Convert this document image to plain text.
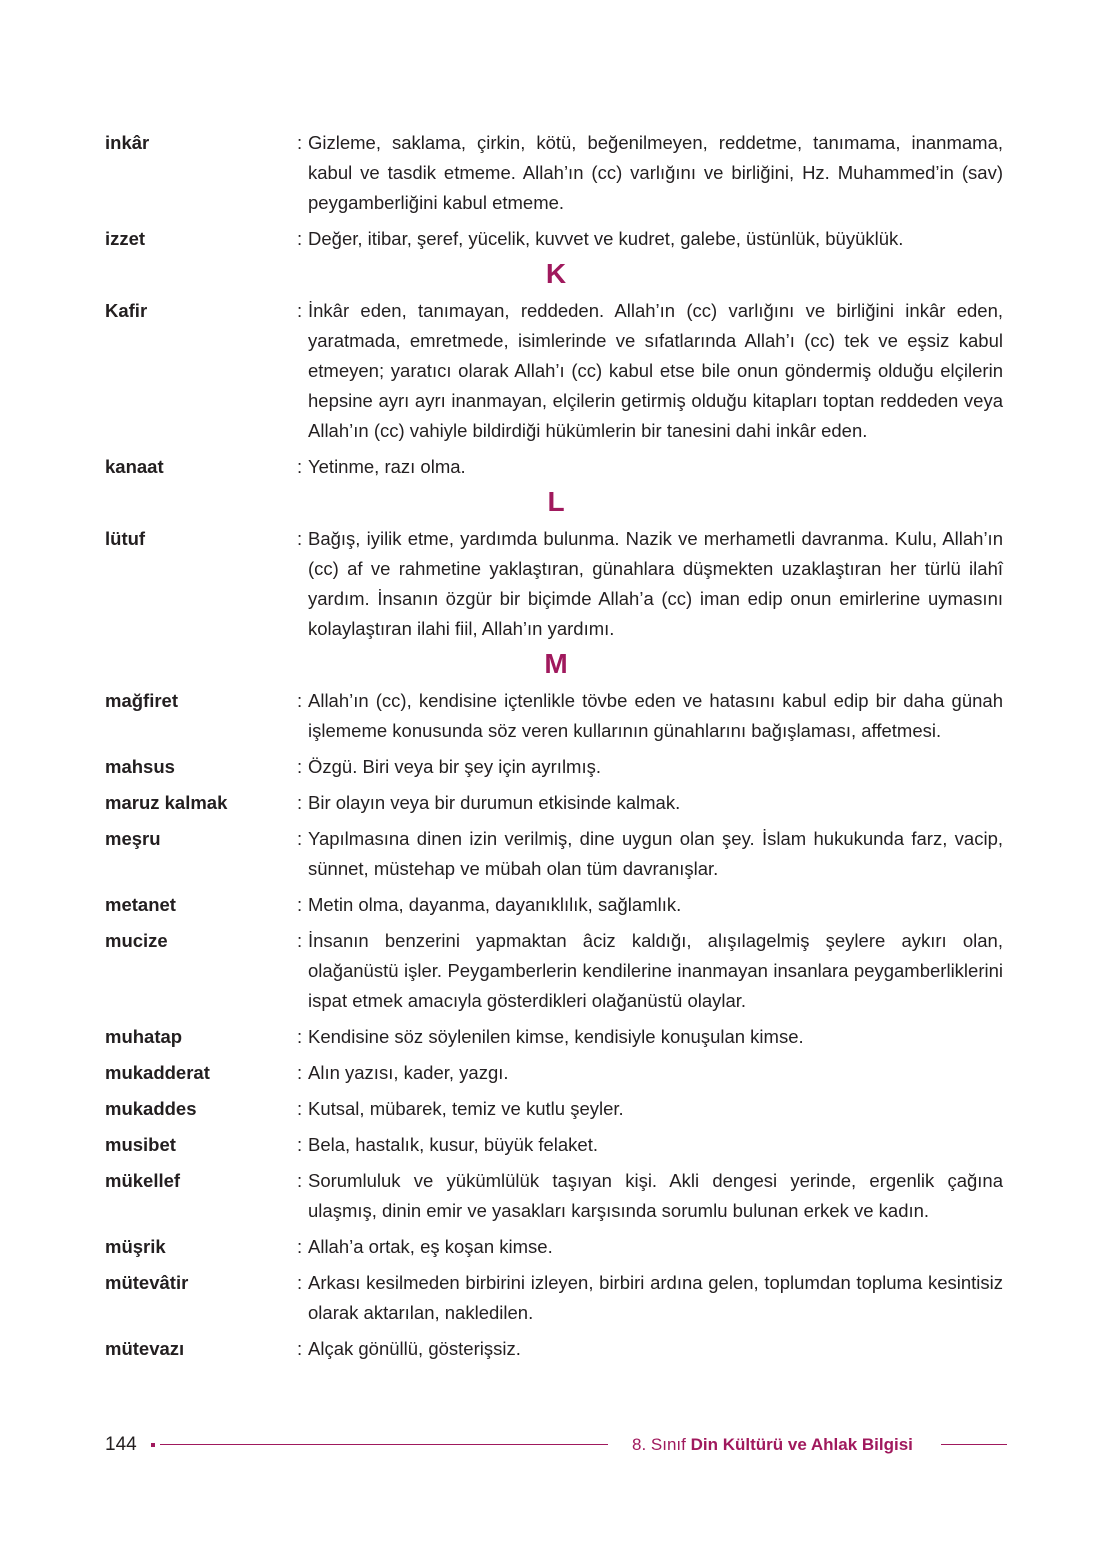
inkâr	: Gizleme, saklama, çirkin, kötü, beğenilmeyen, reddetme, tanımama, inanmama, kabul ve tasdik etmeme. Allah’ın (cc) varlığını ve birliğini, Hz. Muhammed’in (sav) peygamberliğini kabul etmeme.
izzet	: Değer, itibar, şeref, yücelik, kuvvet ve kudret, galebe, üstünlük, büyüklük.
K
Kafir	: İnkâr eden, tanımayan, reddeden. Allah’ın (cc) varlığını ve birliğini inkâr eden, yaratmada, emretmede, isimlerinde ve sıfatlarında Allah’ı (cc) tek ve eşsiz kabul etmeyen; yaratıcı olarak Allah’ı (cc) kabul etse bile onun göndermiş olduğu elçilerin hepsine ayrı ayrı inanmayan, elçilerin getirmiş olduğu kitapları toptan reddeden veya Allah’ın (cc) vahiyle bildirdiği hükümlerin bir tanesini dahi inkâr eden.
kanaat	: Yetinme, razı olma.
L
lütuf	: Bağış, iyilik etme, yardımda bulunma. Nazik ve merhametli davranma. Kulu, Allah’ın (cc) af ve rahmetine yaklaştıran, günahlara düşmekten uzaklaştıran her türlü ilahî yardım. İnsanın özgür bir biçimde Allah’a (cc) iman edip onun emirlerine uymasını kolaylaştıran ilahi fiil, Allah’ın yardımı.
M
mağfiret	: Allah’ın (cc), kendisine içtenlikle tövbe eden ve hatasını kabul edip bir daha günah işlememe konusunda söz veren kullarının günahlarını bağışlaması, affetmesi.
mahsus	: Özgü. Biri veya bir şey için ayrılmış.
maruz kalmak	: Bir olayın veya bir durumun etkisinde kalmak.
meşru	: Yapılmasına dinen izin verilmiş, dine uygun olan şey. İslam hukukunda farz, vacip, sünnet, müstehap ve mübah olan tüm davranışlar.
metanet	: Metin olma, dayanma, dayanıklılık, sağlamlık.
mucize	: İnsanın benzerini yapmaktan âciz kaldığı, alışılagelmiş şeylere aykırı olan, olağanüstü işler. Peygamberlerin kendilerine inanmayan insanlara peygamberliklerini ispat etmek amacıyla gösterdikleri olağanüstü olaylar.
muhatap	: Kendisine söz söylenilen kimse, kendisiyle konuşulan kimse.
mukadderat	: Alın yazısı, kader, yazgı.
mukaddes	: Kutsal, mübarek, temiz ve kutlu şeyler.
musibet	: Bela, hastalık, kusur, büyük felaket.
mükellef	: Sorumluluk ve yükümlülük taşıyan kişi. Akli dengesi yerinde, ergenlik çağına ulaşmış, dinin emir ve yasakları karşısında sorumlu bulunan erkek ve kadın.
müşrik	: Allah’a ortak, eş koşan kimse.
mütevâtir	: Arkası kesilmeden birbirini izleyen, birbiri ardına gelen, toplumdan topluma kesintisiz olarak aktarılan, nakledilen.
mütevazı	: Alçak gönüllü, gösterişsiz.
144	8. Sınıf Din Kültürü ve Ahlak Bilgisi
